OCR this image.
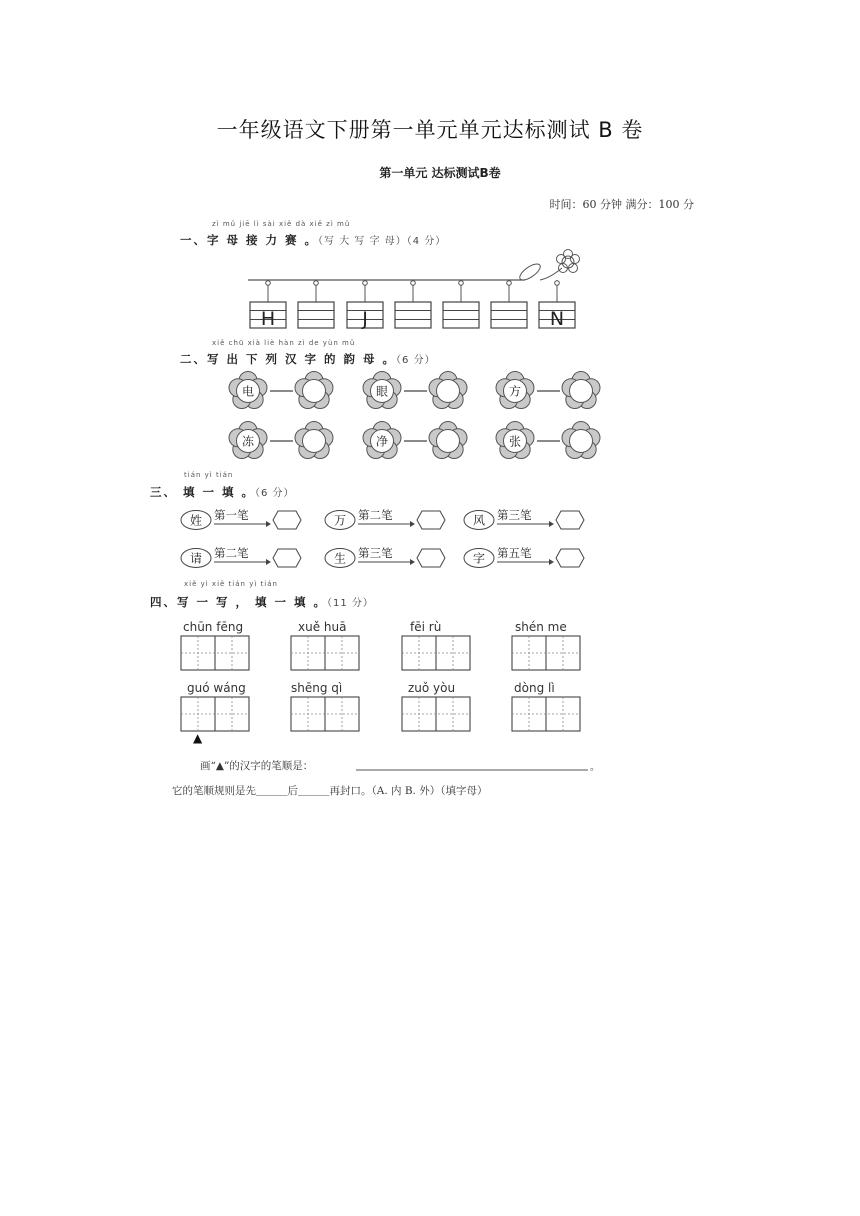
一年级语文下册第一单元单元达标测试 B 卷
第一单元 达标测试B卷
时间：60 分钟 满分：100 分
zì mǔ jiē lì sài xiě dà xiě zì mǔ
一、字 母 接 力 赛 。（写 大 写 字 母）（4 分）
H	J	N
电	眼	方
冻	净	张
姓 第一笔	万 第二笔	风 第三笔
请 第二笔	生 第三笔	字 第五笔
xiě chū xià liè hàn zì de yùn mǔ
二、写 出 下 列 汉 字 的 韵 母 。（6 分）
tián yì tián
三、 填 一 填 。（6 分）
xiě yì xiě tián yì tián
四、写 一 写 ， 填 一 填 。（11 分）
chūn fēng	xuě huā	fēi rù	shén me
guó wáng	shēng qì	zuǒ yòu	dòng lì
▲
画“▲”的汉字的笔顺是：	。
它的笔顺规则是先＿＿＿后＿＿＿再封口。（A. 内 B. 外）（填字母）
